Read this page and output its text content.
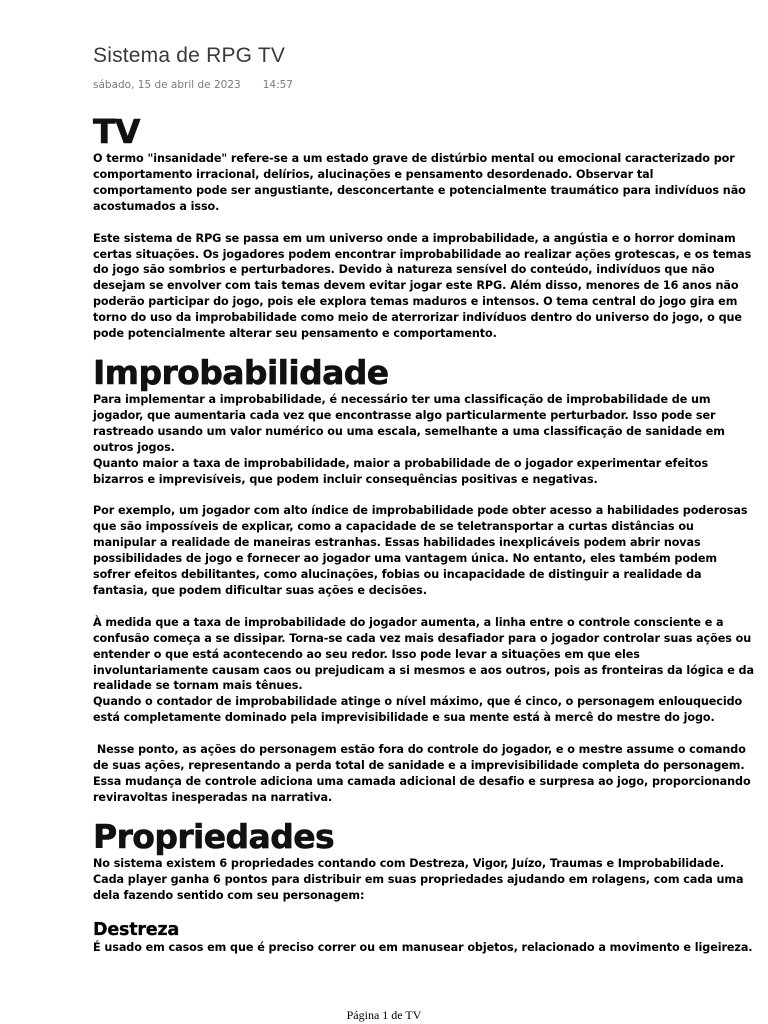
Sistema de RPG TV
sábado, 15 de abril de 2023 14:57
TV

O termo "insanidade" refere-se a um estado grave de distúrbio mental ou emocional caracterizado por comportamento irracional, delírios, alucinações e pensamento desordenado. Observar tal comportamento pode ser angustiante, desconcertante e potencialmente traumático para indivíduos não acostumados a isso.

Este sistema de RPG se passa em um universo onde a improbabilidade, a angústia e o horror dominam certas situações. Os jogadores podem encontrar improbabilidade ao realizar ações grotescas, e os temas do jogo são sombrios e perturbadores. Devido à natureza sensível do conteúdo, indivíduos que não desejam se envolver com tais temas devem evitar jogar este RPG. Além disso, menores de 16 anos não poderão participar do jogo, pois ele explora temas maduros e intensos. O tema central do jogo gira em torno do uso da improbabilidade como meio de aterrorizar indivíduos dentro do universo do jogo, o que pode potencialmente alterar seu pensamento e comportamento.

Improbabilidade

Para implementar a improbabilidade, é necessário ter uma classificação de improbabilidade de um jogador, que aumentaria cada vez que encontrasse algo particularmente perturbador. Isso pode ser rastreado usando um valor numérico ou uma escala, semelhante a uma classificação de sanidade em outros jogos.

Quanto maior a taxa de improbabilidade, maior a probabilidade de o jogador experimentar efeitos bizarros e imprevisíveis, que podem incluir consequências positivas e negativas.

Por exemplo, um jogador com alto índice de improbabilidade pode obter acesso a habilidades poderosas que são impossíveis de explicar, como a capacidade de se teletransportar a curtas distâncias ou manipular a realidade de maneiras estranhas. Essas habilidades inexplicáveis podem abrir novas possibilidades de jogo e fornecer ao jogador uma vantagem única. No entanto, eles também podem sofrer efeitos debilitantes, como alucinações, fobias ou incapacidade de distinguir a realidade da fantasia, que podem dificultar suas ações e decisões.

À medida que a taxa de improbabilidade do jogador aumenta, a linha entre o controle consciente e a confusão começa a se dissipar. Torna-se cada vez mais desafiador para o jogador controlar suas ações ou entender o que está acontecendo ao seu redor. Isso pode levar a situações em que eles involuntariamente causam caos ou prejudicam a si mesmos e aos outros, pois as fronteiras da lógica e da realidade se tornam mais tênues.

Quando o contador de improbabilidade atinge o nível máximo, que é cinco, o personagem enlouquecido está completamente dominado pela imprevisibilidade e sua mente está à mercê do mestre do jogo.

Nesse ponto, as ações do personagem estão fora do controle do jogador, e o mestre assume o comando de suas ações, representando a perda total de sanidade e a imprevisibilidade completa do personagem. Essa mudança de controle adiciona uma camada adicional de desafio e surpresa ao jogo, proporcionando reviravoltas inesperadas na narrativa.

Propriedades

No sistema existem 6 propriedades contando com Destreza, Vigor, Juízo, Traumas e Improbabilidade. Cada player ganha 6 pontos para distribuir em suas propriedades ajudando em rolagens, com cada uma dela fazendo sentido com seu personagem:

Destreza

É usado em casos em que é preciso correr ou em manusear objetos, relacionado a movimento e ligeireza.

Página 1 de TV
